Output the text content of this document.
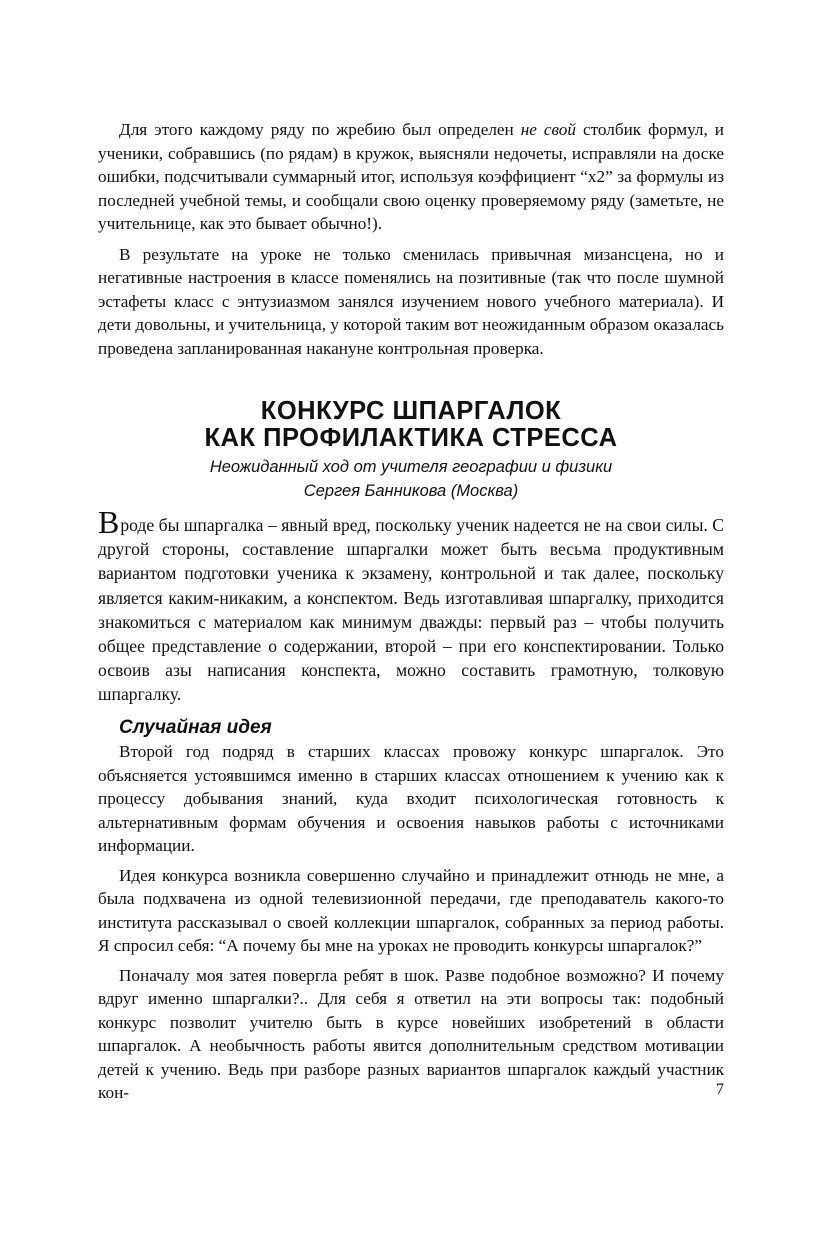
Для этого каждому ряду по жребию был определен не свой столбик формул, и ученики, собравшись (по рядам) в кружок, выясняли недочеты, исправляли на доске ошибки, подсчитывали суммарный итог, используя коэффициент “х2” за формулы из последней учебной темы, и сообщали свою оценку проверяемому ряду (заметьте, не учительнице, как это бывает обычно!).

В результате на уроке не только сменилась привычная мизансцена, но и негативные настроения в классе поменялись на позитивные (так что после шумной эстафеты класс с энтузиазмом занялся изучением нового учебного материала). И дети довольны, и учительница, у которой таким вот неожиданным образом оказалась проведена запланированная накануне контрольная проверка.

КОНКУРС ШПАРГАЛОК
КАК ПРОФИЛАКТИКА СТРЕССА
Неожиданный ход от учителя географии и физики
Сергея Банникова (Москва)

Вроде бы шпаргалка – явный вред, поскольку ученик надеется не на свои силы. С другой стороны, составление шпаргалки может быть весьма продуктивным вариантом подготовки ученика к экзамену, контрольной и так далее, поскольку является каким-никаким, а конспектом. Ведь изготавливая шпаргалку, приходится знакомиться с материалом как минимум дважды: первый раз – чтобы получить общее представление о содержании, второй – при его конспектировании. Только освоив азы написания конспекта, можно составить грамотную, толковую шпаргалку.

Случайная идея

Второй год подряд в старших классах провожу конкурс шпаргалок. Это объясняется устоявшимся именно в старших классах отношением к учению как к процессу добывания знаний, куда входит психологическая готовность к альтернативным формам обучения и освоения навыков работы с источниками информации.

Идея конкурса возникла совершенно случайно и принадлежит отнюдь не мне, а была подхвачена из одной телевизионной передачи, где преподаватель какого-то института рассказывал о своей коллекции шпаргалок, собранных за период работы. Я спросил себя: “А почему бы мне на уроках не проводить конкурсы шпаргалок?”

Поначалу моя затея повергла ребят в шок. Разве подобное возможно? И почему вдруг именно шпаргалки?.. Для себя я ответил на эти вопросы так: подобный конкурс позволит учителю быть в курсе новейших изобретений в области шпаргалок. А необычность работы явится дополнительным средством мотивации детей к учению. Ведь при разборе разных вариантов шпаргалок каждый участник кон-	7
